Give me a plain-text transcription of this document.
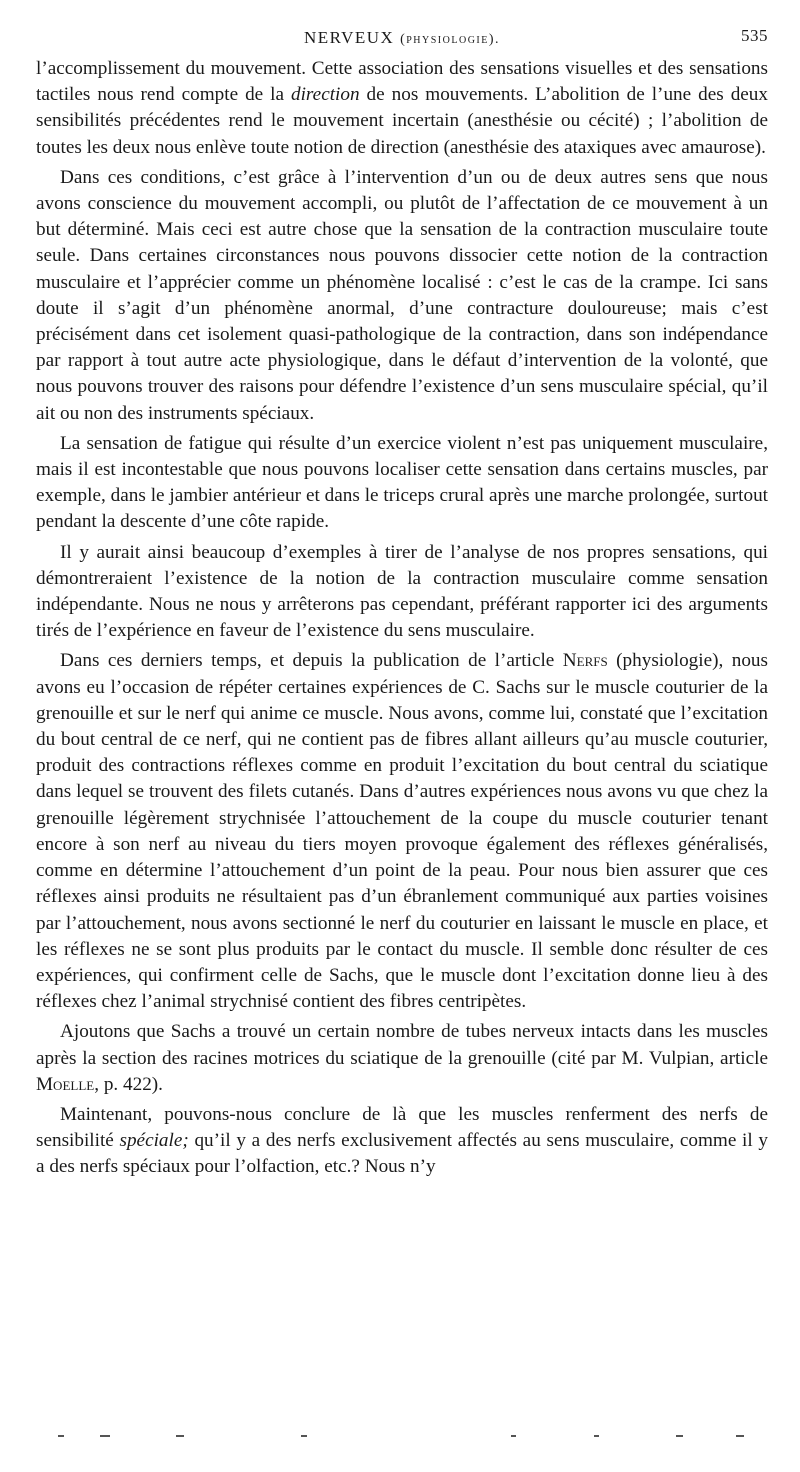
NERVEUX (physiologie).	535

l’accomplissement du mouvement. Cette association des sensations visuelles et des sensations tactiles nous rend compte de la direction de nos mouvements. L’abolition de l’une des deux sensibilités précédentes rend le mouvement incertain (anesthésie ou cécité) ; l’abolition de toutes les deux nous enlève toute notion de direction (anesthésie des ataxiques avec amaurose).

Dans ces conditions, c’est grâce à l’intervention d’un ou de deux autres sens que nous avons conscience du mouvement accompli, ou plutôt de l’affectation de ce mouvement à un but déterminé. Mais ceci est autre chose que la sensation de la contraction musculaire toute seule. Dans certaines circonstances nous pouvons dissocier cette notion de la contraction musculaire et l’apprécier comme un phénomène localisé : c’est le cas de la crampe. Ici sans doute il s’agit d’un phénomène anormal, d’une contracture douloureuse; mais c’est précisément dans cet isolement quasi-pathologique de la contraction, dans son indépendance par rapport à tout autre acte physiologique, dans le défaut d’intervention de la volonté, que nous pouvons trouver des raisons pour défendre l’existence d’un sens musculaire spécial, qu’il ait ou non des instruments spéciaux.

La sensation de fatigue qui résulte d’un exercice violent n’est pas uniquement musculaire, mais il est incontestable que nous pouvons localiser cette sensation dans certains muscles, par exemple, dans le jambier antérieur et dans le triceps crural après une marche prolongée, surtout pendant la descente d’une côte rapide.

Il y aurait ainsi beaucoup d’exemples à tirer de l’analyse de nos propres sensations, qui démontreraient l’existence de la notion de la contraction musculaire comme sensation indépendante. Nous ne nous y arrêterons pas cependant, préférant rapporter ici des arguments tirés de l’expérience en faveur de l’existence du sens musculaire.

Dans ces derniers temps, et depuis la publication de l’article Nerfs (physiologie), nous avons eu l’occasion de répéter certaines expériences de C. Sachs sur le muscle couturier de la grenouille et sur le nerf qui anime ce muscle. Nous avons, comme lui, constaté que l’excitation du bout central de ce nerf, qui ne contient pas de fibres allant ailleurs qu’au muscle couturier, produit des contractions réflexes comme en produit l’excitation du bout central du sciatique dans lequel se trouvent des filets cutanés. Dans d’autres expériences nous avons vu que chez la grenouille légèrement strychnisée l’attouchement de la coupe du muscle couturier tenant encore à son nerf au niveau du tiers moyen provoque également des réflexes généralisés, comme en détermine l’attouchement d’un point de la peau. Pour nous bien assurer que ces réflexes ainsi produits ne résultaient pas d’un ébranlement communiqué aux parties voisines par l’attouchement, nous avons sectionné le nerf du couturier en laissant le muscle en place, et les réflexes ne se sont plus produits par le contact du muscle. Il semble donc résulter de ces expériences, qui confirment celle de Sachs, que le muscle dont l’excitation donne lieu à des réflexes chez l’animal strychnisé contient des fibres centripètes.

Ajoutons que Sachs a trouvé un certain nombre de tubes nerveux intacts dans les muscles après la section des racines motrices du sciatique de la grenouille (cité par M. Vulpian, article Moelle, p. 422).

Maintenant, pouvons-nous conclure de là que les muscles renferment des nerfs de sensibilité spéciale; qu’il y a des nerfs exclusivement affectés au sens musculaire, comme il y a des nerfs spéciaux pour l’olfaction, etc.? Nous n’y
